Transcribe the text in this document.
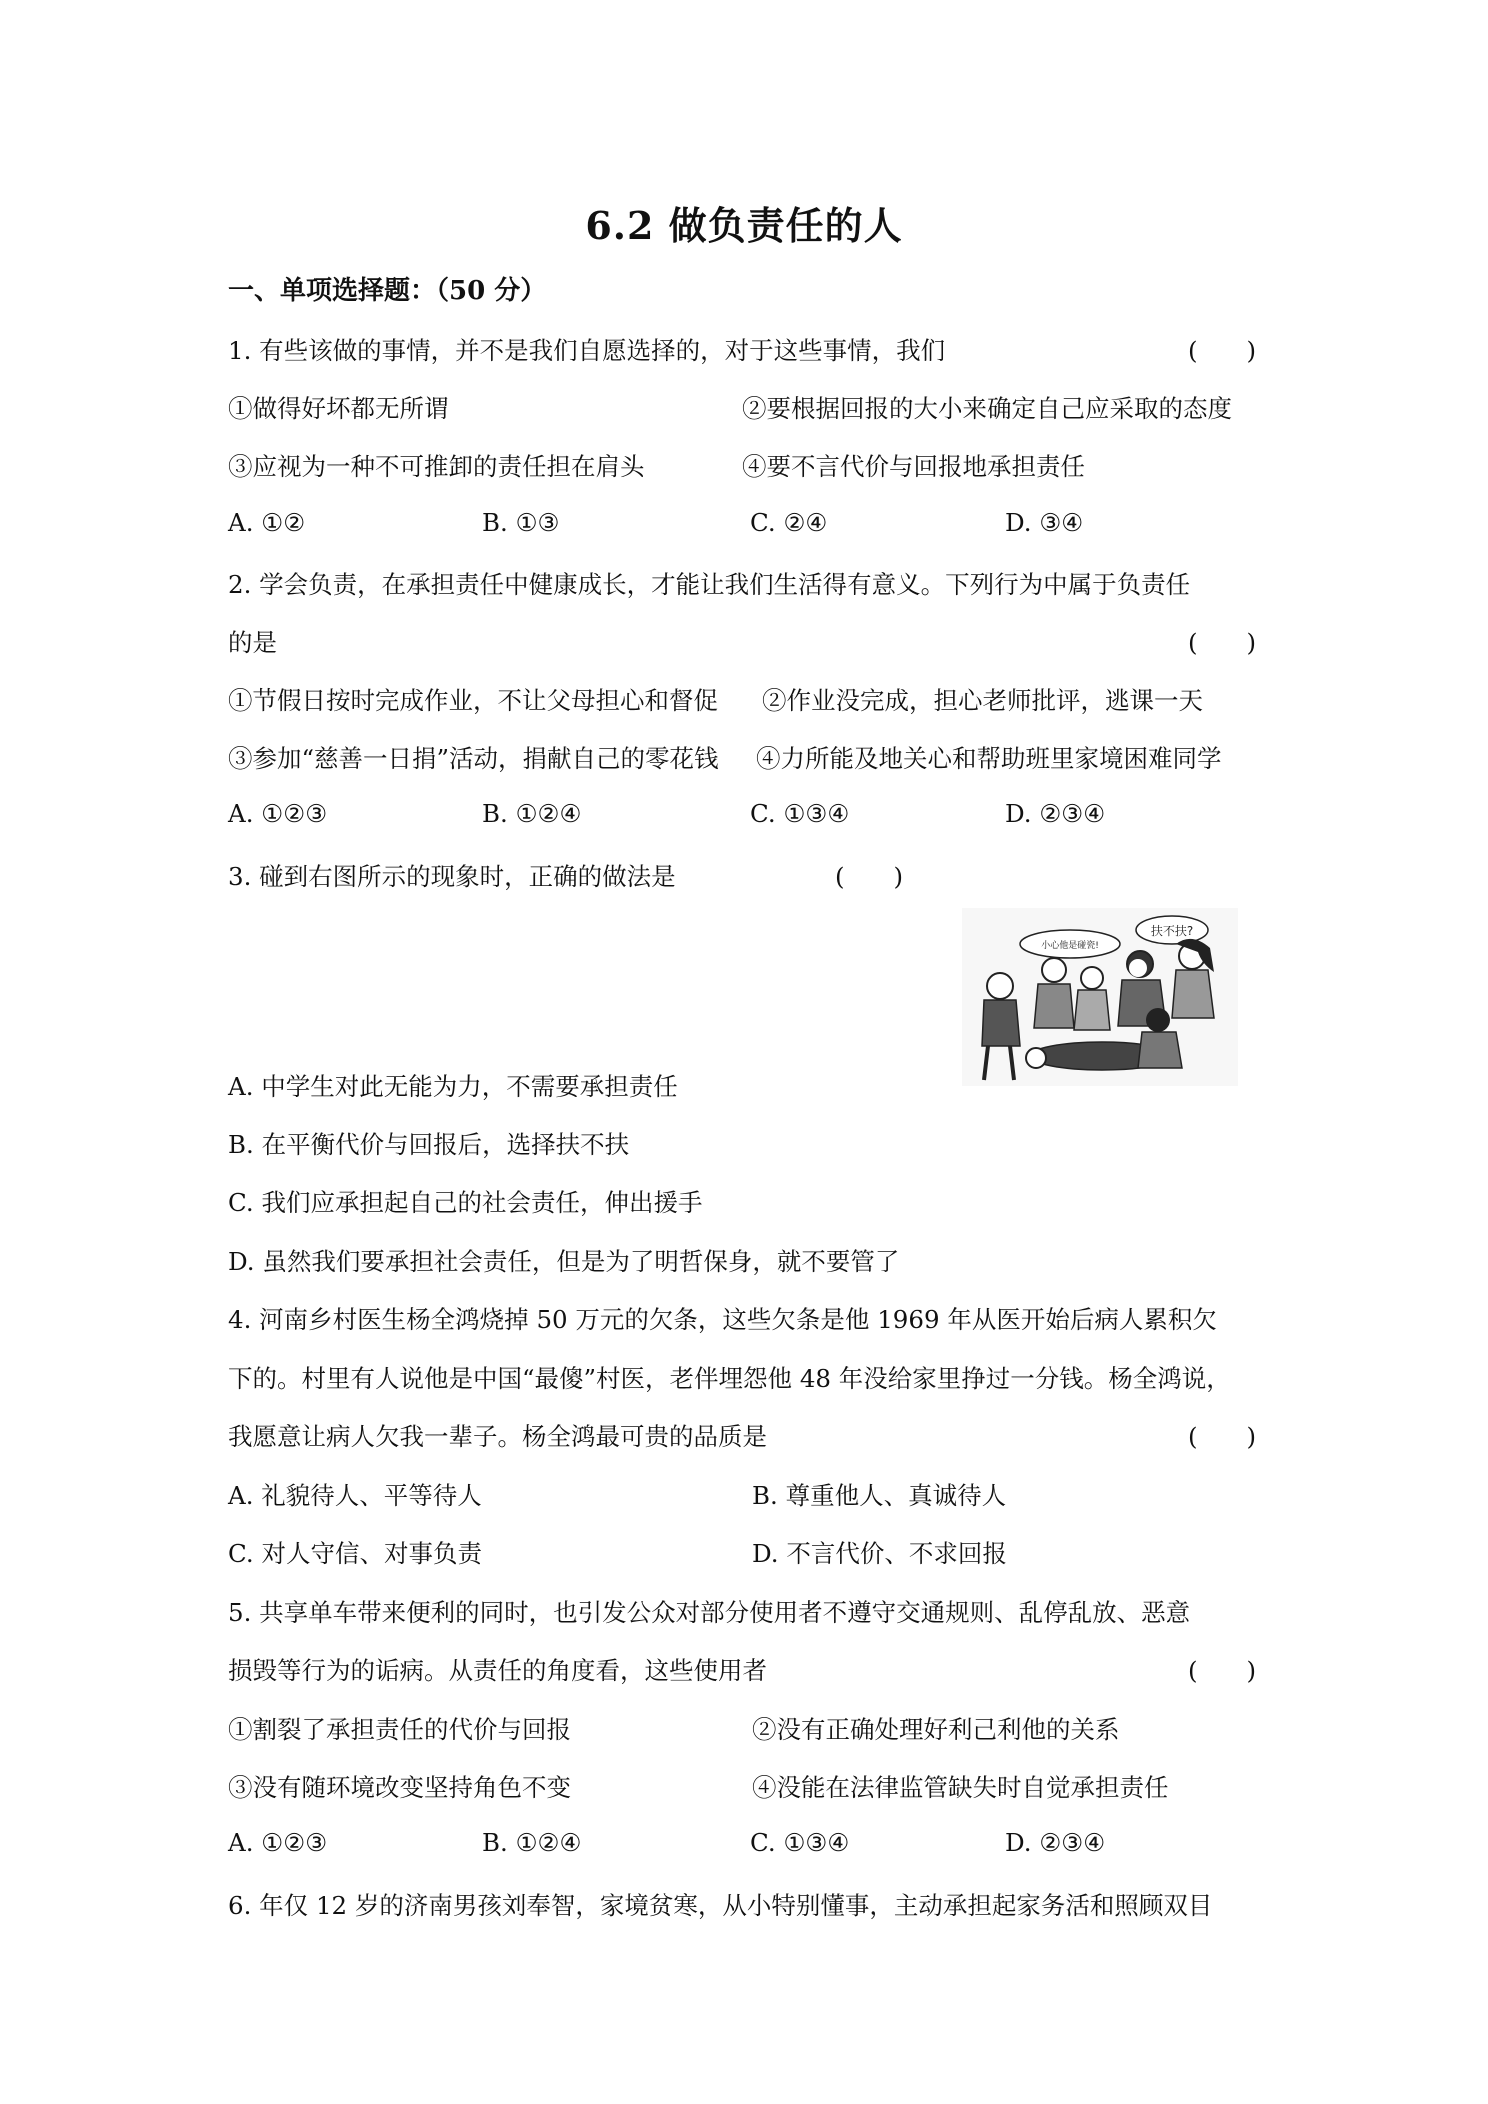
6.2 做负责任的人
一、单项选择题：（50 分）
1. 有些该做的事情，并不是我们自愿选择的，对于这些事情，我们	(　　)
①做得好坏都无所谓	②要根据回报的大小来确定自己应采取的态度
③应视为一种不可推卸的责任担在肩头	④要不言代价与回报地承担责任
A. ①②	B. ①③	C. ②④	D. ③④
2. 学会负责，在承担责任中健康成长，才能让我们生活得有意义。下列行为中属于负责任
的是	(　　)
①节假日按时完成作业，不让父母担心和督促 ②作业没完成，担心老师批评，逃课一天
③参加“慈善一日捐”活动，捐献自己的零花钱 ④力所能及地关心和帮助班里家境困难同学
A. ①②③	B. ①②④	C. ①③④	D. ②③④
3. 碰到右图所示的现象时，正确的做法是	(　　)
小心他是碰瓷!
扶不扶?
A. 中学生对此无能为力，不需要承担责任
B. 在平衡代价与回报后，选择扶不扶
C. 我们应承担起自己的社会责任，伸出援手
D. 虽然我们要承担社会责任，但是为了明哲保身，就不要管了
4. 河南乡村医生杨全鸿烧掉 50 万元的欠条，这些欠条是他 1969 年从医开始后病人累积欠
下的。村里有人说他是中国“最傻”村医，老伴埋怨他 48 年没给家里挣过一分钱。杨全鸿说，
我愿意让病人欠我一辈子。杨全鸿最可贵的品质是	(　　)
A. 礼貌待人、平等待人	B. 尊重他人、真诚待人
C. 对人守信、对事负责	D. 不言代价、不求回报
5. 共享单车带来便利的同时，也引发公众对部分使用者不遵守交通规则、乱停乱放、恶意
损毁等行为的诟病。从责任的角度看，这些使用者	(　　)
①割裂了承担责任的代价与回报	②没有正确处理好利己利他的关系
③没有随环境改变坚持角色不变	④没能在法律监管缺失时自觉承担责任
A. ①②③	B. ①②④	C. ①③④	D. ②③④
6. 年仅 12 岁的济南男孩刘奉智，家境贫寒，从小特别懂事，主动承担起家务活和照顾双目
